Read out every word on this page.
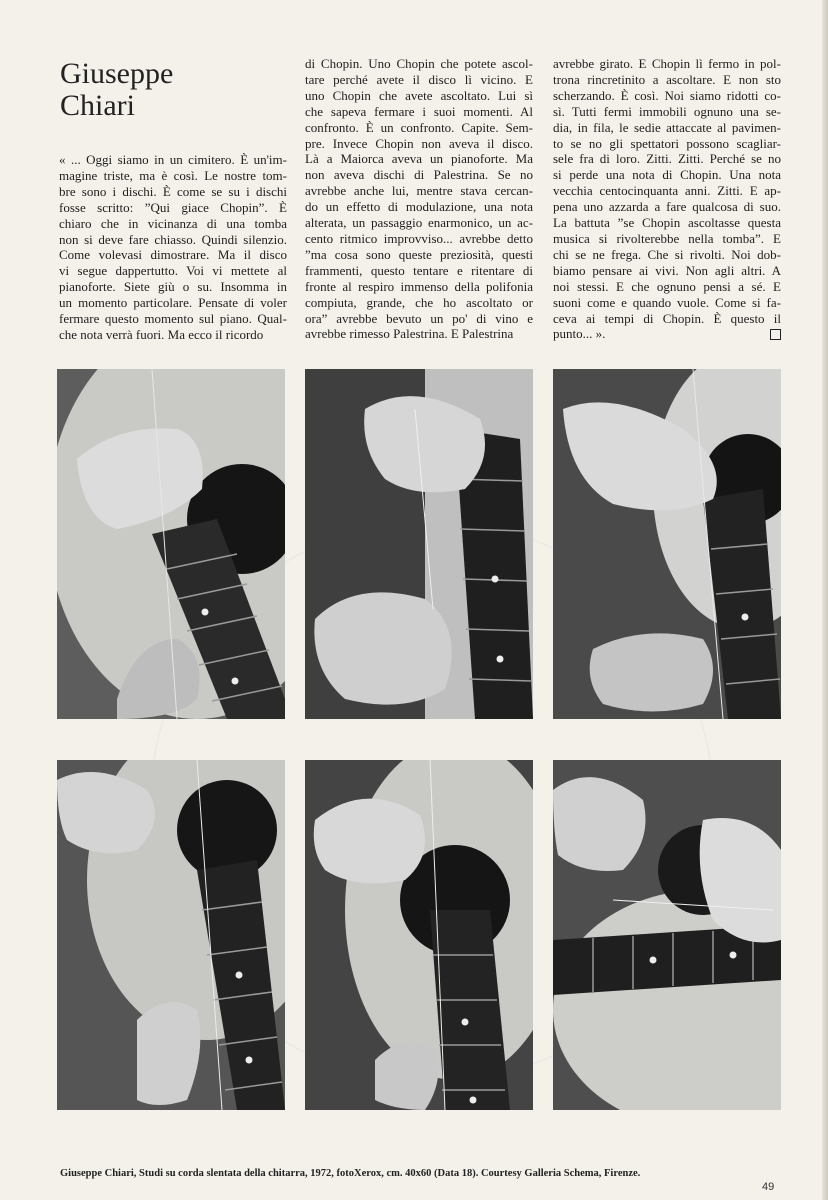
Giuseppe
Chiari
« ... Oggi siamo in un cimitero. È un'im-
magine triste, ma è così. Le nostre tom-
bre sono i dischi. È come se su i dischi
fosse scritto: ”Qui giace Chopin”. È
chiaro che in vicinanza di una tomba
non si deve fare chiasso. Quindi silenzio.
Come volevasi dimostrare. Ma il disco
vi segue dappertutto. Voi vi mettete al
pianoforte. Siete giù o su. Insomma in
un momento particolare. Pensate di voler
fermare questo momento sul piano. Qual-
che nota verrà fuori. Ma ecco il ricordo
di Chopin. Uno Chopin che potete ascol-
tare perché avete il disco lì vicino. E
uno Chopin che avete ascoltato. Lui sì
che sapeva fermare i suoi momenti. Al
confronto. È un confronto. Capite. Sem-
pre. Invece Chopin non aveva il disco.
Là a Maiorca aveva un pianoforte. Ma
non aveva dischi di Palestrina. Se no
avrebbe anche lui, mentre stava cercan-
do un effetto di modulazione, una nota
alterata, un passaggio enarmonico, un ac-
cento ritmico improvviso... avrebbe detto
”ma cosa sono queste preziosità, questi
frammenti, questo tentare e ritentare di
fronte al respiro immenso della polifonia
compiuta, grande, che ho ascoltato or
ora” avrebbe bevuto un po' di vino e
avrebbe rimesso Palestrina. E Palestrina
avrebbe girato. E Chopin lì fermo in pol-
trona rincretinito a ascoltare. E non sto
scherzando. È così. Noi siamo ridotti co-
sì. Tutti fermi immobili ognuno una se-
dia, in fila, le sedie attaccate al pavimen-
to se no gli spettatori possono scagliar-
sele fra di loro. Zitti. Zitti. Perché se no
si perde una nota di Chopin. Una nota
vecchia centocinquanta anni. Zitti. E ap-
pena uno azzarda a fare qualcosa di suo.
La battuta ”se Chopin ascoltasse questa
musica si rivolterebbe nella tomba”. E
chi se ne frega. Che si rivolti. Noi dob-
biamo pensare ai vivi. Non agli altri. A
noi stessi. E che ognuno pensi a sé. E
suoni come e quando vuole. Come si fa-
ceva ai tempi di Chopin. È questo il
punto... ».
Giuseppe Chiari, Studi su corda slentata della chitarra, 1972, fotoXerox, cm. 40x60 (Data 18). Courtesy Galleria Schema, Firenze.
49
